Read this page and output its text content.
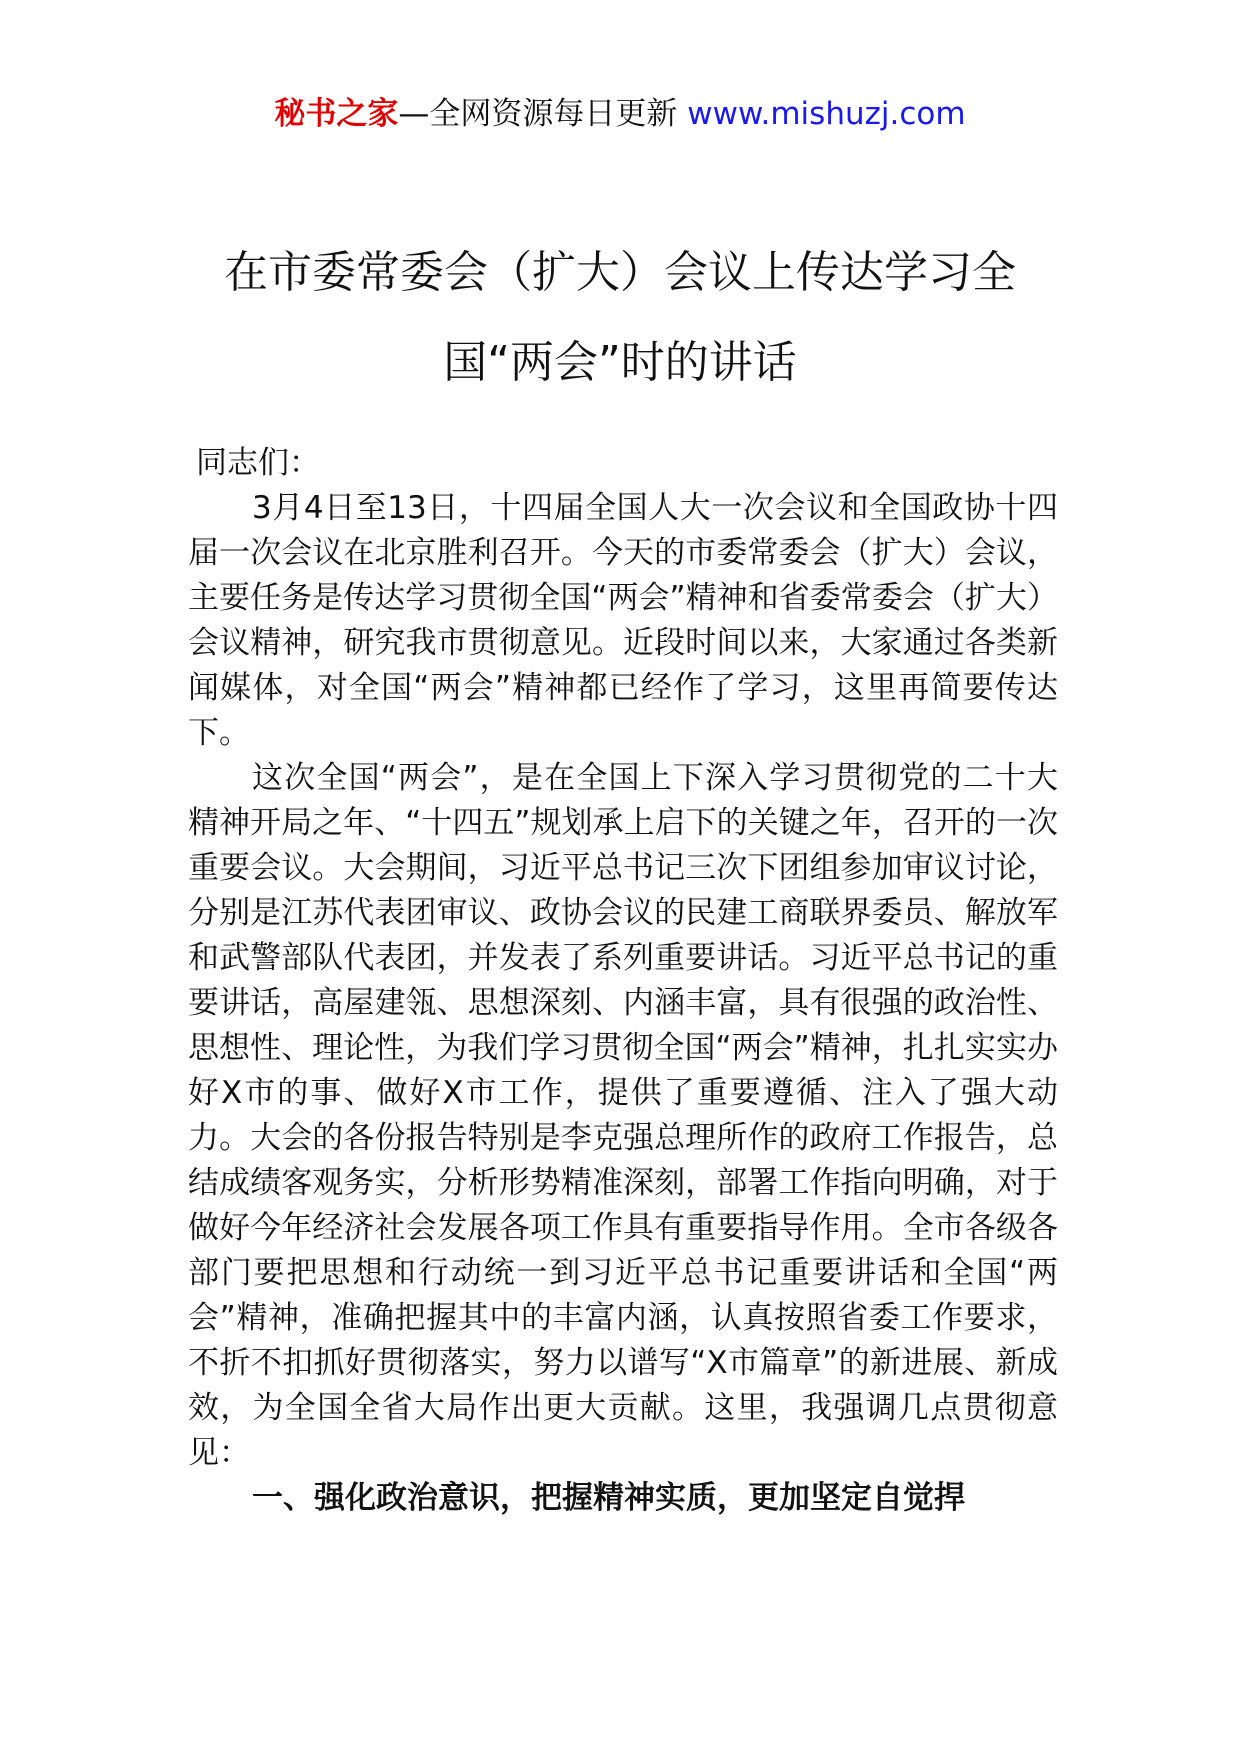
秘书之家—全网资源每日更新 www.mishuzj.com
在市委常委会（扩大）会议上传达学习全
国“两会”时的讲话

同志们：

3月4日至13日，十四届全国人大一次会议和全国政协十四届一次会议在北京胜利召开。今天的市委常委会（扩大）会议，主要任务是传达学习贯彻全国“两会”精神和省委常委会（扩大）会议精神，研究我市贯彻意见。近段时间以来，大家通过各类新闻媒体，对全国“两会”精神都已经作了学习，这里再简要传达下。

这次全国“两会”，是在全国上下深入学习贯彻党的二十大精神开局之年、“十四五”规划承上启下的关键之年，召开的一次重要会议。大会期间，习近平总书记三次下团组参加审议讨论，分别是江苏代表团审议、政协会议的民建工商联界委员、解放军和武警部队代表团，并发表了系列重要讲话。习近平总书记的重要讲话，高屋建瓴、思想深刻、内涵丰富，具有很强的政治性、思想性、理论性，为我们学习贯彻全国“两会”精神，扎扎实实办好X市的事、做好X市工作，提供了重要遵循、注入了强大动力。大会的各份报告特别是李克强总理所作的政府工作报告，总结成绩客观务实，分析形势精准深刻，部署工作指向明确，对于做好今年经济社会发展各项工作具有重要指导作用。全市各级各部门要把思想和行动统一到习近平总书记重要讲话和全国“两会”精神，准确把握其中的丰富内涵，认真按照省委工作要求，不折不扣抓好贯彻落实，努力以谱写“X市篇章”的新进展、新成效，为全国全省大局作出更大贡献。这里，我强调几点贯彻意见：

一、强化政治意识，把握精神实质，更加坚定自觉捍
